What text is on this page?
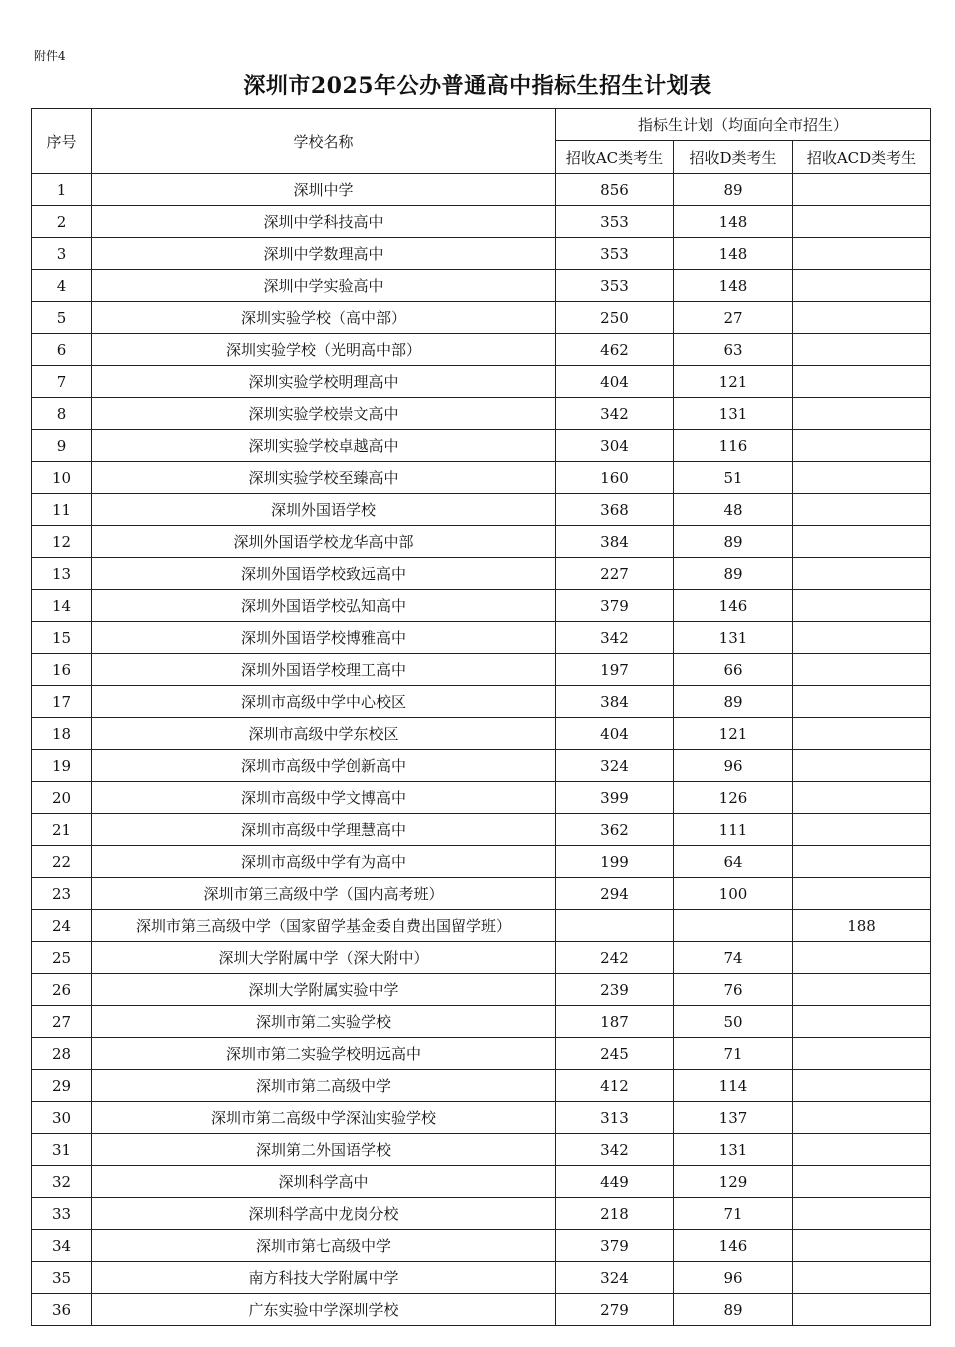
附件4
深圳市2025年公办普通高中指标生招生计划表
序号	学校名称	指标生计划（均面向全市招生）		
		招收AC类考生	招收D类考生	招收ACD类考生
1	深圳中学	856	89	
2	深圳中学科技高中	353	148	
3	深圳中学数理高中	353	148	
4	深圳中学实验高中	353	148	
5	深圳实验学校（高中部）	250	27	
6	深圳实验学校（光明高中部）	462	63	
7	深圳实验学校明理高中	404	121	
8	深圳实验学校崇文高中	342	131	
9	深圳实验学校卓越高中	304	116	
10	深圳实验学校至臻高中	160	51	
11	深圳外国语学校	368	48	
12	深圳外国语学校龙华高中部	384	89	
13	深圳外国语学校致远高中	227	89	
14	深圳外国语学校弘知高中	379	146	
15	深圳外国语学校博雅高中	342	131	
16	深圳外国语学校理工高中	197	66	
17	深圳市高级中学中心校区	384	89	
18	深圳市高级中学东校区	404	121	
19	深圳市高级中学创新高中	324	96	
20	深圳市高级中学文博高中	399	126	
21	深圳市高级中学理慧高中	362	111	
22	深圳市高级中学有为高中	199	64	
23	深圳市第三高级中学（国内高考班）	294	100	
24	深圳市第三高级中学（国家留学基金委自费出国留学班）			188
25	深圳大学附属中学（深大附中）	242	74	
26	深圳大学附属实验中学	239	76	
27	深圳市第二实验学校	187	50	
28	深圳市第二实验学校明远高中	245	71	
29	深圳市第二高级中学	412	114	
30	深圳市第二高级中学深汕实验学校	313	137	
31	深圳第二外国语学校	342	131	
32	深圳科学高中	449	129	
33	深圳科学高中龙岗分校	218	71	
34	深圳市第七高级中学	379	146	
35	南方科技大学附属中学	324	96	
36	广东实验中学深圳学校	279	89	
